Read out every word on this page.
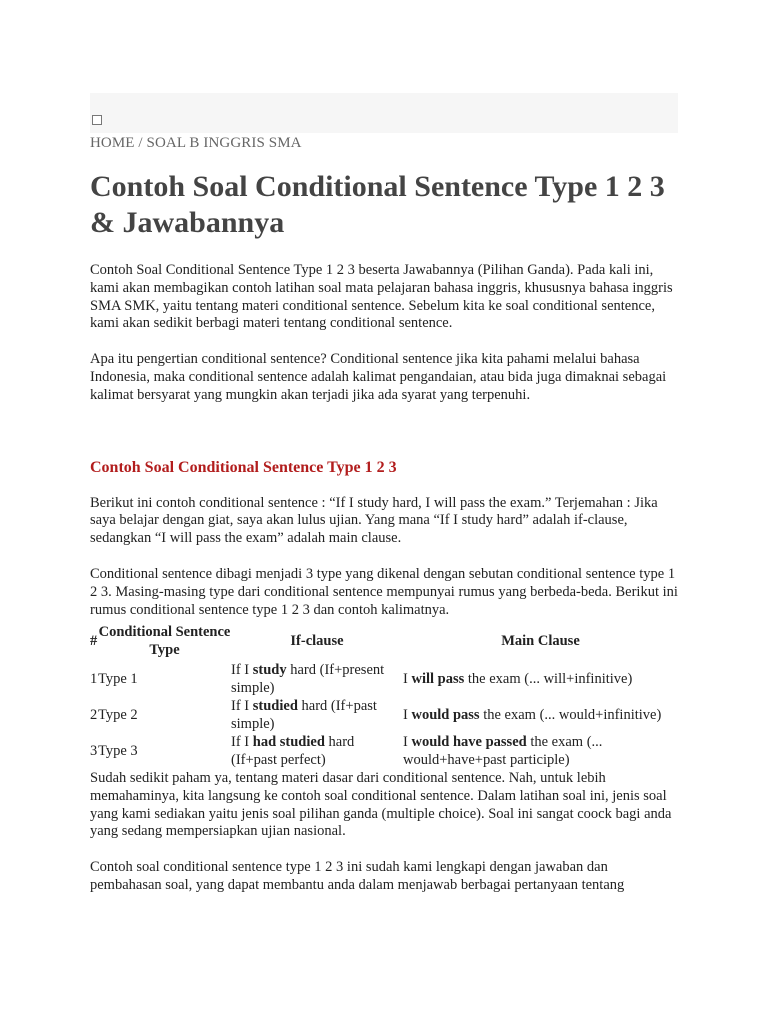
HOME / SOAL B INGGRIS SMA
Contoh Soal Conditional Sentence Type 1 2 3 & Jawabannya

Contoh Soal Conditional Sentence Type 1 2 3 beserta Jawabannya (Pilihan Ganda). Pada kali ini, kami akan membagikan contoh latihan soal mata pelajaran bahasa inggris, khususnya bahasa inggris SMA SMK, yaitu tentang materi conditional sentence. Sebelum kita ke soal conditional sentence, kami akan sedikit berbagi materi tentang conditional sentence.

Apa itu pengertian conditional sentence? Conditional sentence jika kita pahami melalui bahasa Indonesia, maka conditional sentence adalah kalimat pengandaian, atau bida juga dimaknai sebagai kalimat bersyarat yang mungkin akan terjadi jika ada syarat yang terpenuhi.

Contoh Soal Conditional Sentence Type 1 2 3

Berikut ini contoh conditional sentence : “If I study hard, I will pass the exam.” Terjemahan : Jika saya belajar dengan giat, saya akan lulus ujian. Yang mana “If I study hard” adalah if-clause, sedangkan “I will pass the exam” adalah main clause.

Conditional sentence dibagi menjadi 3 type yang dikenal dengan sebutan conditional sentence type 1 2 3. Masing-masing type dari conditional sentence mempunyai rumus yang berbeda-beda. Berikut ini rumus conditional sentence type 1 2 3 dan contoh kalimatnya.

#	Conditional Sentence Type	If-clause	Main Clause
1	Type 1	If I study hard (If+present simple)	I will pass the exam (... will+infinitive)
2	Type 2	If I studied hard (If+past simple)	I would pass the exam (... would+infinitive)
3	Type 3	If I had studied hard (If+past perfect)	I would have passed the exam (... would+have+past participle)

Sudah sedikit paham ya, tentang materi dasar dari conditional sentence. Nah, untuk lebih memahaminya, kita langsung ke contoh soal conditional sentence. Dalam latihan soal ini, jenis soal yang kami sediakan yaitu jenis soal pilihan ganda (multiple choice). Soal ini sangat coock bagi anda yang sedang mempersiapkan ujian nasional.

Contoh soal conditional sentence type 1 2 3 ini sudah kami lengkapi dengan jawaban dan pembahasan soal, yang dapat membantu anda dalam menjawab berbagai pertanyaan tentang
